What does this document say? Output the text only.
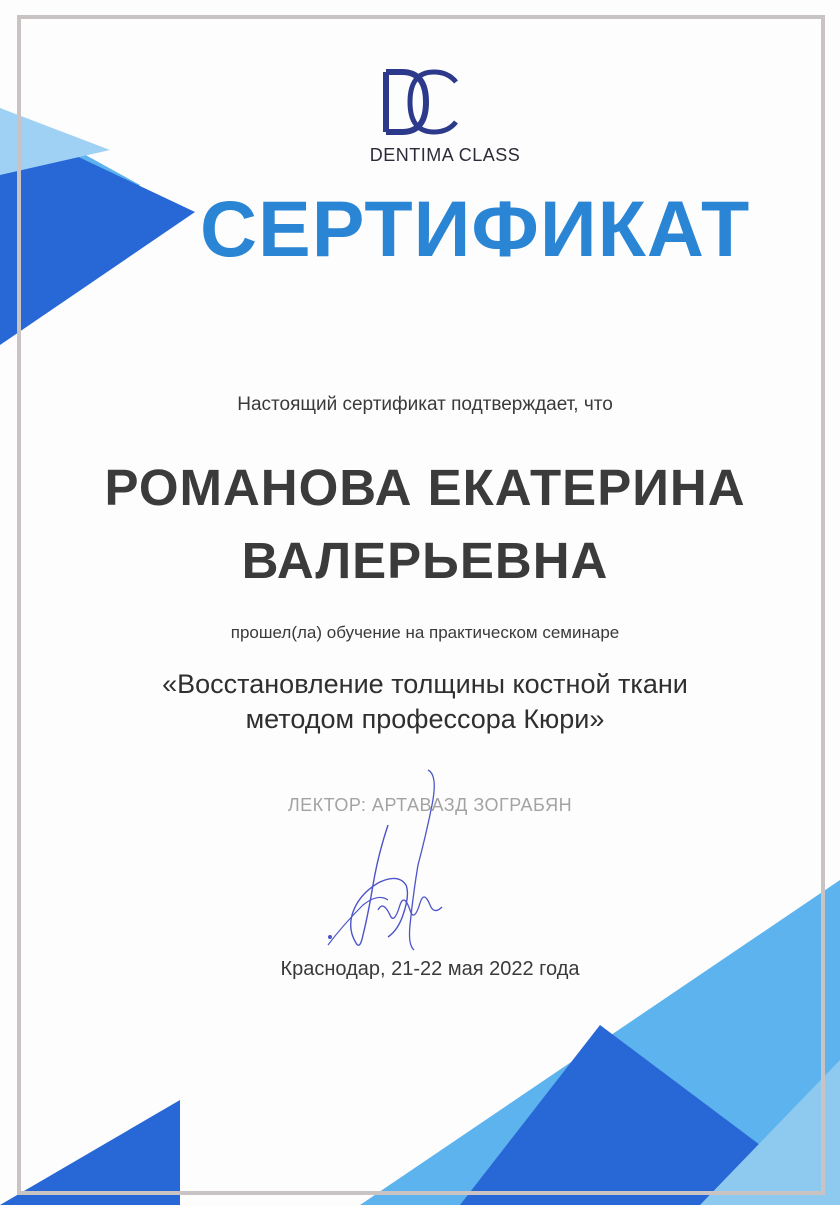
DENTIMA CLASS
СЕРТИФИКАТ
Настоящий сертификат подтверждает, что
РОМАНОВА ЕКАТЕРИНА
ВАЛЕРЬЕВНА
прошел(ла) обучение на практическом семинаре
«Восстановление толщины костной ткани
методом профессора Кюри»
ЛЕКТОР: АРТАВАЗД ЗОГРАБЯН
Краснодар, 21-22 мая 2022 года
